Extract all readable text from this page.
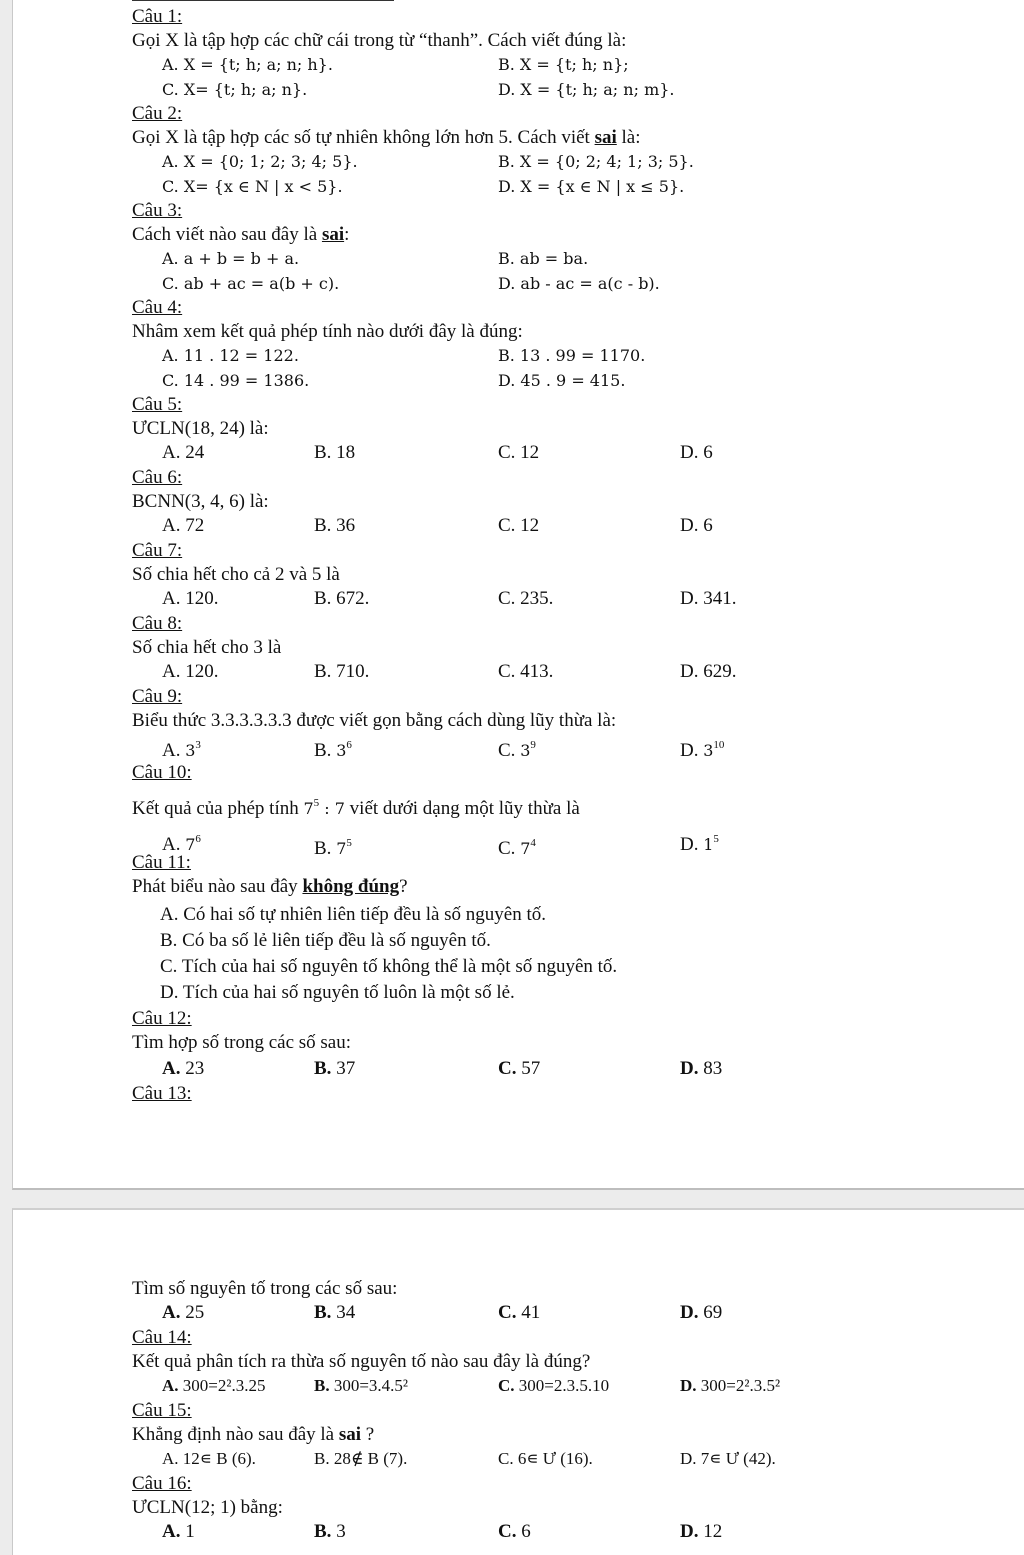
Câu 1:
Gọi X là tập hợp các chữ cái trong từ “thanh”. Cách viết đúng là:
A. X = {t; h; a; n; h}.	B. X = {t; h; n};
C. X= {t; h; a; n}.	D. X = {t; h; a; n; m}.
Câu 2:
Gọi X là tập hợp các số tự nhiên không lớn hơn 5. Cách viết sai là:
A. X = {0; 1; 2; 3; 4; 5}.	B. X = {0; 2; 4; 1; 3; 5}.
C. X= {x ∈ N | x < 5}.	D. X = {x ∈ N | x ≤ 5}.
Câu 3:
Cách viết nào sau đây là sai:
A. a + b = b + a.	B. ab = ba.
C. ab + ac = a(b + c).	D. ab - ac = a(c - b).
Câu 4:
Nhâm xem kết quả phép tính nào dưới đây là đúng:
A. 11 . 12 = 122.	B. 13 . 99 = 1170.
C. 14 . 99 = 1386.	D. 45 . 9 = 415.
Câu 5:
ƯCLN(18, 24) là:
A. 24	B. 18	C. 12	D. 6
Câu 6:
BCNN(3, 4, 6) là:
A. 72	B. 36	C. 12	D. 6
Câu 7:
Số chia hết cho cả 2 và 5 là
A. 120.	B. 672.	C. 235.	D. 341.
Câu 8:
Số chia hết cho 3 là
A. 120.	B. 710.	C. 413.	D. 629.
Câu 9:
Biểu thức 3.3.3.3.3.3 được viết gọn bằng cách dùng lũy thừa là:
A. $3^3$	B. $3^6$	C. $3^9$	D. $3^{10}$
Câu 10:
Kết quả của phép tính $7^5$ : 7 viết dưới dạng một lũy thừa là
A. $7^6$	B. $7^5$	C. $7^4$	D. $1^5$
Câu 11:
Phát biểu nào sau đây không đúng?
A. Có hai số tự nhiên liên tiếp đều là số nguyên tố.
B. Có ba số lẻ liên tiếp đều là số nguyên tố.
C. Tích của hai số nguyên tố không thể là một số nguyên tố.
D. Tích của hai số nguyên tố luôn là một số lẻ.
Câu 12:
Tìm hợp số trong các số sau:
A. 23	B. 37	C. 57	D. 83
Câu 13:
Tìm số nguyên tố trong các số sau:
A. 25	B. 34	C. 41	D. 69
Câu 14:
Kết quả phân tích ra thừa số nguyên tố nào sau đây là đúng?
A. 300=2².3.25	B. 300=3.4.5²	C. 300=2.3.5.10	D. 300=2².3.5²
Câu 15:
Khẳng định nào sau đây là sai ?
A. 12∊ B (6).	B. 28∉ B (7).	C. 6∊ Ư (16).	D. 7∊ Ư (42).
Câu 16:
ƯCLN(12; 1) bằng:
A. 1	B. 3	C. 6	D. 12
